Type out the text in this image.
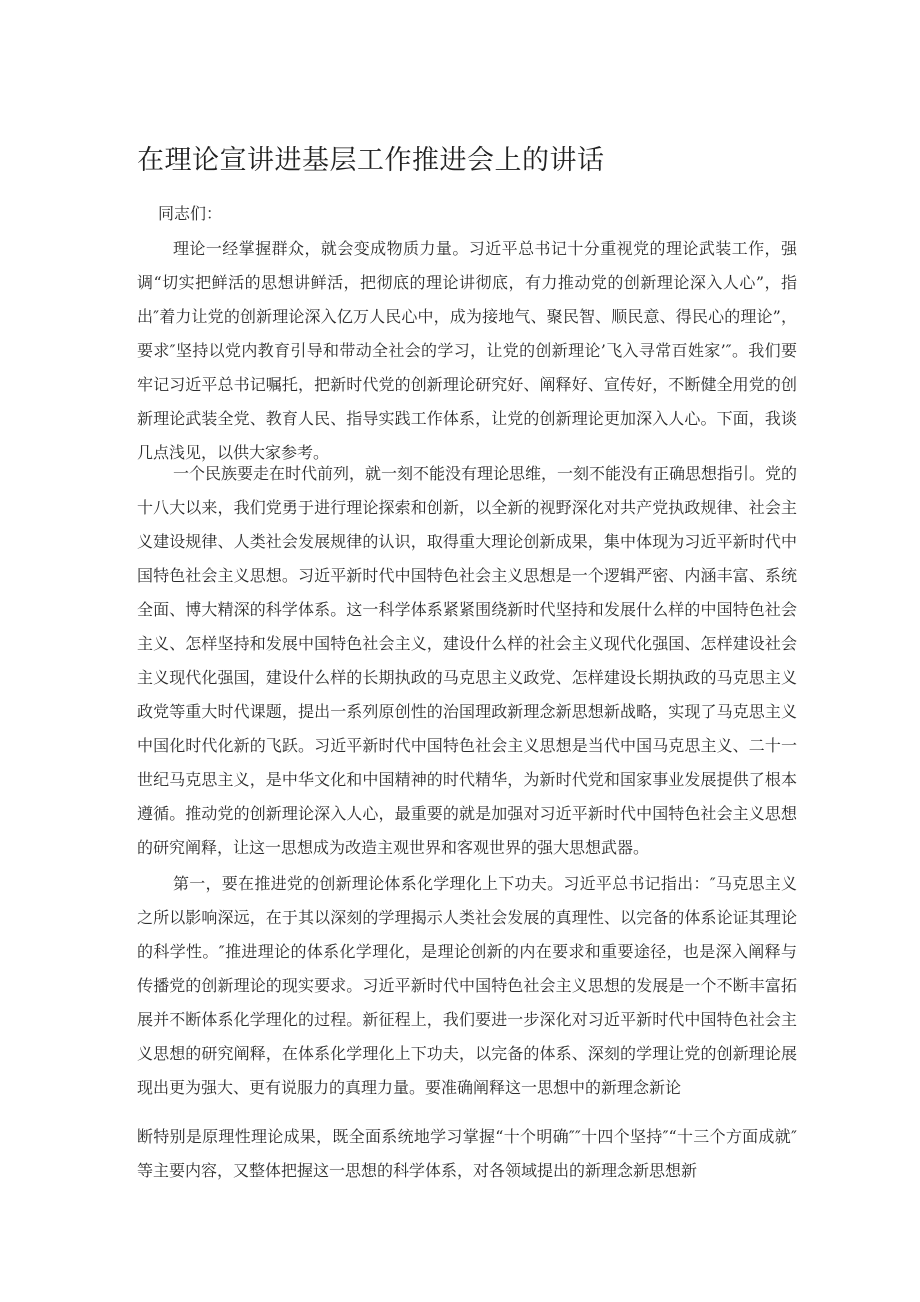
在理论宣讲进基层工作推进会上的讲话

同志们：

理论一经掌握群众，就会变成物质力量。习近平总书记十分重视党的理论武装工作，强调“切实把鲜活的思想讲鲜活，把彻底的理论讲彻底，有力推动党的创新理论深入人心”，指出″着力让党的创新理论深入亿万人民心中，成为接地气、聚民智、顺民意、得民心的理论”，要求″坚持以党内教育引导和带动全社会的学习，让党的创新理论’飞入寻常百姓家’″。我们要牢记习近平总书记嘱托，把新时代党的创新理论研究好、阐释好、宣传好，不断健全用党的创新理论武装全党、教育人民、指导实践工作体系，让党的创新理论更加深入人心。下面，我谈几点浅见，以供大家参考。

一个民族要走在时代前列，就一刻不能没有理论思维，一刻不能没有正确思想指引。党的十八大以来，我们党勇于进行理论探索和创新，以全新的视野深化对共产党执政规律、社会主义建设规律、人类社会发展规律的认识，取得重大理论创新成果，集中体现为习近平新时代中国特色社会主义思想。习近平新时代中国特色社会主义思想是一个逻辑严密、内涵丰富、系统全面、博大精深的科学体系。这一科学体系紧紧围绕新时代坚持和发展什么样的中国特色社会主义、怎样坚持和发展中国特色社会主义，建设什么样的社会主义现代化强国、怎样建设社会主义现代化强国，建设什么样的长期执政的马克思主义政党、怎样建设长期执政的马克思主义政党等重大时代课题，提出一系列原创性的治国理政新理念新思想新战略，实现了马克思主义中国化时代化新的飞跃。习近平新时代中国特色社会主义思想是当代中国马克思主义、二十一世纪马克思主义，是中华文化和中国精神的时代精华，为新时代党和国家事业发展提供了根本遵循。推动党的创新理论深入人心，最重要的就是加强对习近平新时代中国特色社会主义思想的研究阐释，让这一思想成为改造主观世界和客观世界的强大思想武器。

第一，要在推进党的创新理论体系化学理化上下功夫。习近平总书记指出：″马克思主义之所以影响深远，在于其以深刻的学理揭示人类社会发展的真理性、以完备的体系论证其理论的科学性。″推进理论的体系化学理化，是理论创新的内在要求和重要途径，也是深入阐释与传播党的创新理论的现实要求。习近平新时代中国特色社会主义思想的发展是一个不断丰富拓展并不断体系化学理化的过程。新征程上，我们要进一步深化对习近平新时代中国特色社会主义思想的研究阐释，在体系化学理化上下功夫，以完备的体系、深刻的学理让党的创新理论展现出更为强大、更有说服力的真理力量。要准确阐释这一思想中的新理念新论

断特别是原理性理论成果，既全面系统地学习掌握“十个明确″″十四个坚持″“十三个方面成就″等主要内容，又整体把握这一思想的科学体系，对各领域提出的新理念新思想新
